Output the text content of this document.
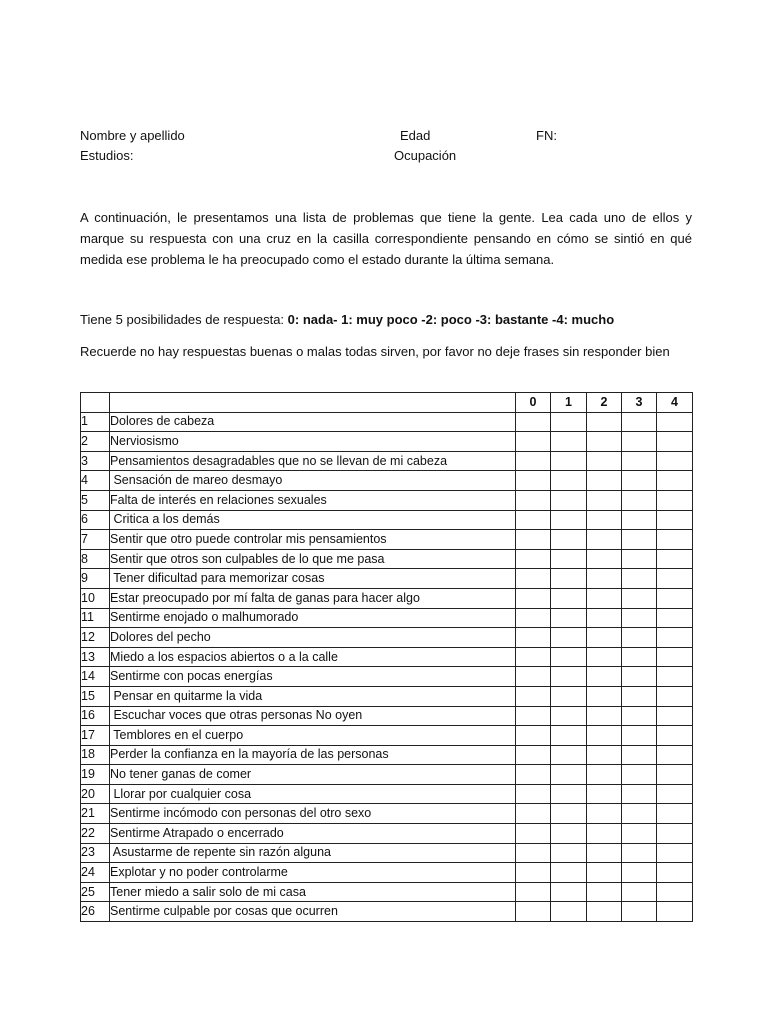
Nombre y apellido	Edad	FN:
Estudios:	Ocupación
A continuación, le presentamos una lista de problemas que tiene la gente. Lea cada uno de ellos y marque su respuesta con una cruz en la casilla correspondiente pensando en cómo se sintió en qué medida ese problema le ha preocupado como el estado durante la última semana.
Tiene 5 posibilidades de respuesta: 0: nada- 1: muy poco -2: poco -3: bastante -4: mucho
Recuerde no hay respuestas buenas o malas todas sirven, por favor no deje frases sin responder bien
		0	1	2	3	4
1	Dolores de cabeza					
2	Nerviosismo					
3	Pensamientos desagradables que no se llevan de mi cabeza					
4	Sensación de mareo desmayo					
5	Falta de interés en relaciones sexuales					
6	Critica a los demás					
7	Sentir que otro puede controlar mis pensamientos					
8	Sentir que otros son culpables de lo que me pasa					
9	Tener dificultad para memorizar cosas					
10	Estar preocupado por mí falta de ganas para hacer algo					
11	Sentirme enojado o malhumorado					
12	Dolores del pecho					
13	Miedo a los espacios abiertos o a la calle					
14	Sentirme con pocas energías					
15	Pensar en quitarme la vida					
16	Escuchar voces que otras personas No oyen					
17	Temblores en el cuerpo					
18	Perder la confianza en la mayoría de las personas					
19	No tener ganas de comer					
20	Llorar por cualquier cosa					
21	Sentirme incómodo con personas del otro sexo					
22	Sentirme Atrapado o encerrado					
23	Asustarme de repente sin razón alguna					
24	Explotar y no poder controlarme					
25	Tener miedo a salir solo de mi casa					
26	Sentirme culpable por cosas que ocurren					
